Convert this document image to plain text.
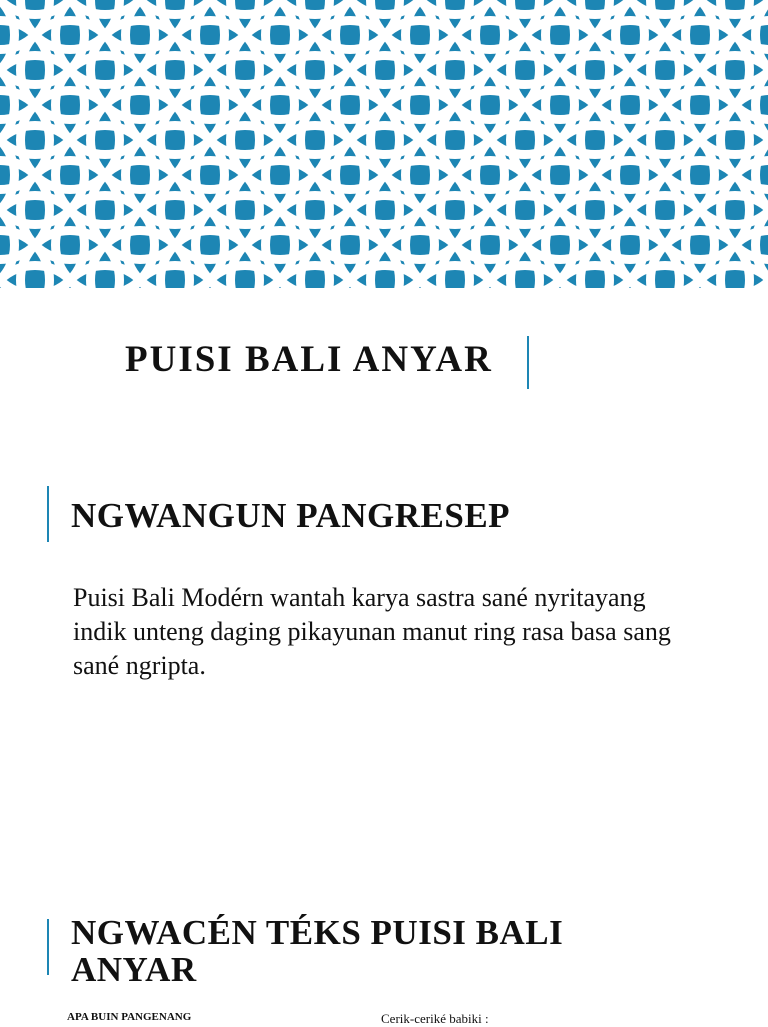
PUISI BALI ANYAR
NGWANGUN PANGRESEP

Puisi Bali Modérn wantah karya sastra sané nyritayang indik unteng daging pikayunan manut ring rasa basa sang sané ngripta.

NGWACÉN TÉKS PUISI BALI ANYAR
APA BUIN PANGENANG	Cerik-ceriké babiki :
